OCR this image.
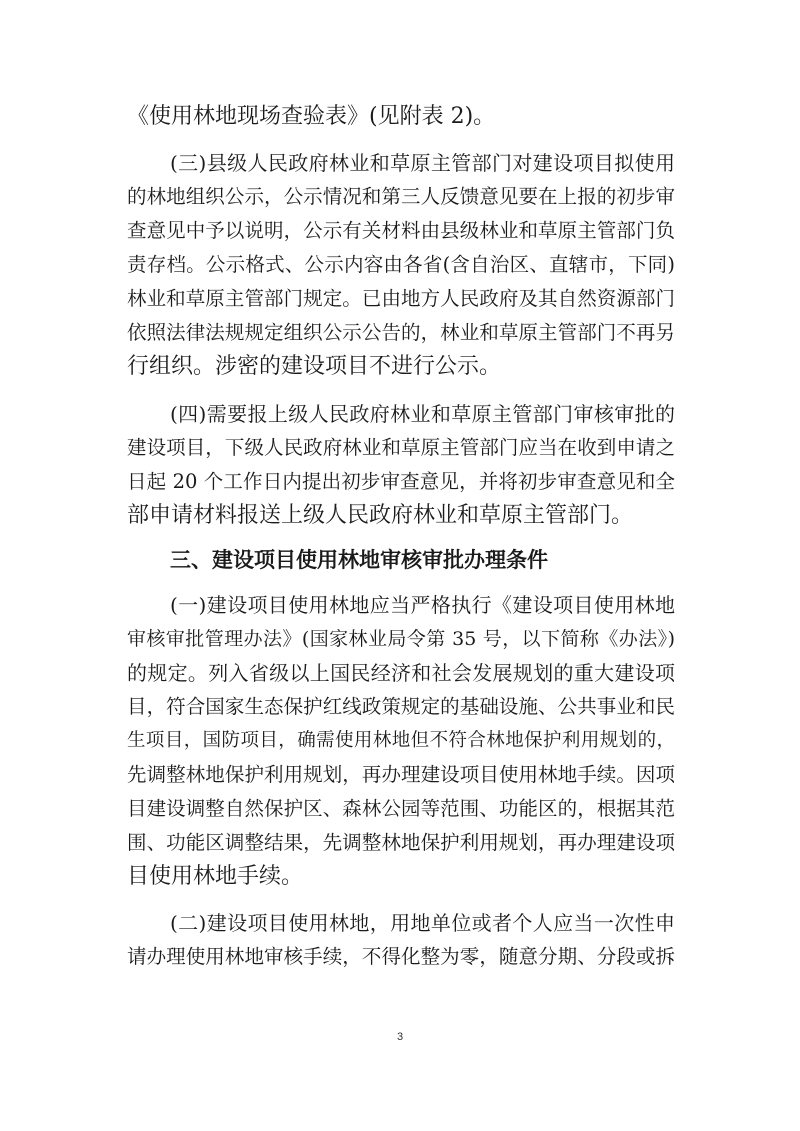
《使用林地现场查验表》(见附表 2)。
(三)县级人民政府林业和草原主管部门对建设项目拟使用
的林地组织公示，公示情况和第三人反馈意见要在上报的初步审
查意见中予以说明，公示有关材料由县级林业和草原主管部门负
责存档。公示格式、公示内容由各省(含自治区、直辖市，下同)
林业和草原主管部门规定。已由地方人民政府及其自然资源部门
依照法律法规规定组织公示公告的，林业和草原主管部门不再另
行组织。涉密的建设项目不进行公示。
(四)需要报上级人民政府林业和草原主管部门审核审批的
建设项目，下级人民政府林业和草原主管部门应当在收到申请之
日起 20 个工作日内提出初步审查意见，并将初步审查意见和全
部申请材料报送上级人民政府林业和草原主管部门。
三、建设项目使用林地审核审批办理条件
(一)建设项目使用林地应当严格执行《建设项目使用林地
审核审批管理办法》(国家林业局令第 35 号，以下简称《办法》)
的规定。列入省级以上国民经济和社会发展规划的重大建设项
目，符合国家生态保护红线政策规定的基础设施、公共事业和民
生项目，国防项目，确需使用林地但不符合林地保护利用规划的，
先调整林地保护利用规划，再办理建设项目使用林地手续。因项
目建设调整自然保护区、森林公园等范围、功能区的，根据其范
围、功能区调整结果，先调整林地保护利用规划，再办理建设项
目使用林地手续。
(二)建设项目使用林地，用地单位或者个人应当一次性申
请办理使用林地审核手续，不得化整为零，随意分期、分段或拆
3
